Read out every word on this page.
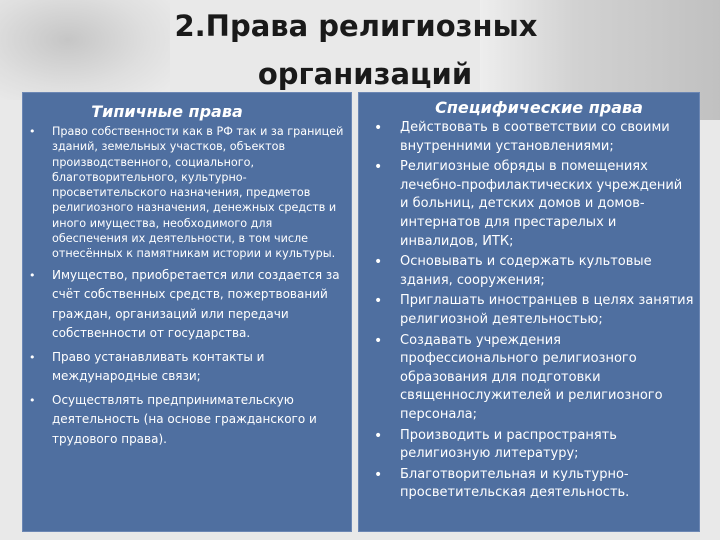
2.Права религиозных
организаций
Типичные права
• Право собственности как в РФ так и за границей зданий, земельных участков, объектов производственного, социального, благотворительного, культурно-просветительского назначения, предметов религиозного назначения, денежных средств и иного имущества, необходимого для обеспечения их деятельности, в том числе отнесённых к памятникам истории и культуры.
• Имущество, приобретается или создается за счёт собственных средств, пожертвований граждан, организаций или передачи собственности от государства.
• Право устанавливать контакты и международные связи;
• Осуществлять предпринимательскую деятельность (на основе гражданского и трудового права).
Специфические права
• Действовать в соответствии со своими внутренними установлениями;
• Религиозные обряды в помещениях лечебно-профилактических учреждений и больниц, детских домов и домов-интернатов для престарелых и инвалидов, ИТК;
• Основывать и содержать культовые здания, сооружения;
• Приглашать иностранцев в целях занятия религиозной деятельностью;
• Создавать учреждения профессионального религиозного образования для подготовки священнослужителей и религиозного персонала;
• Производить и распространять религиозную литературу;
• Благотворительная и культурно-просветительская деятельность.
